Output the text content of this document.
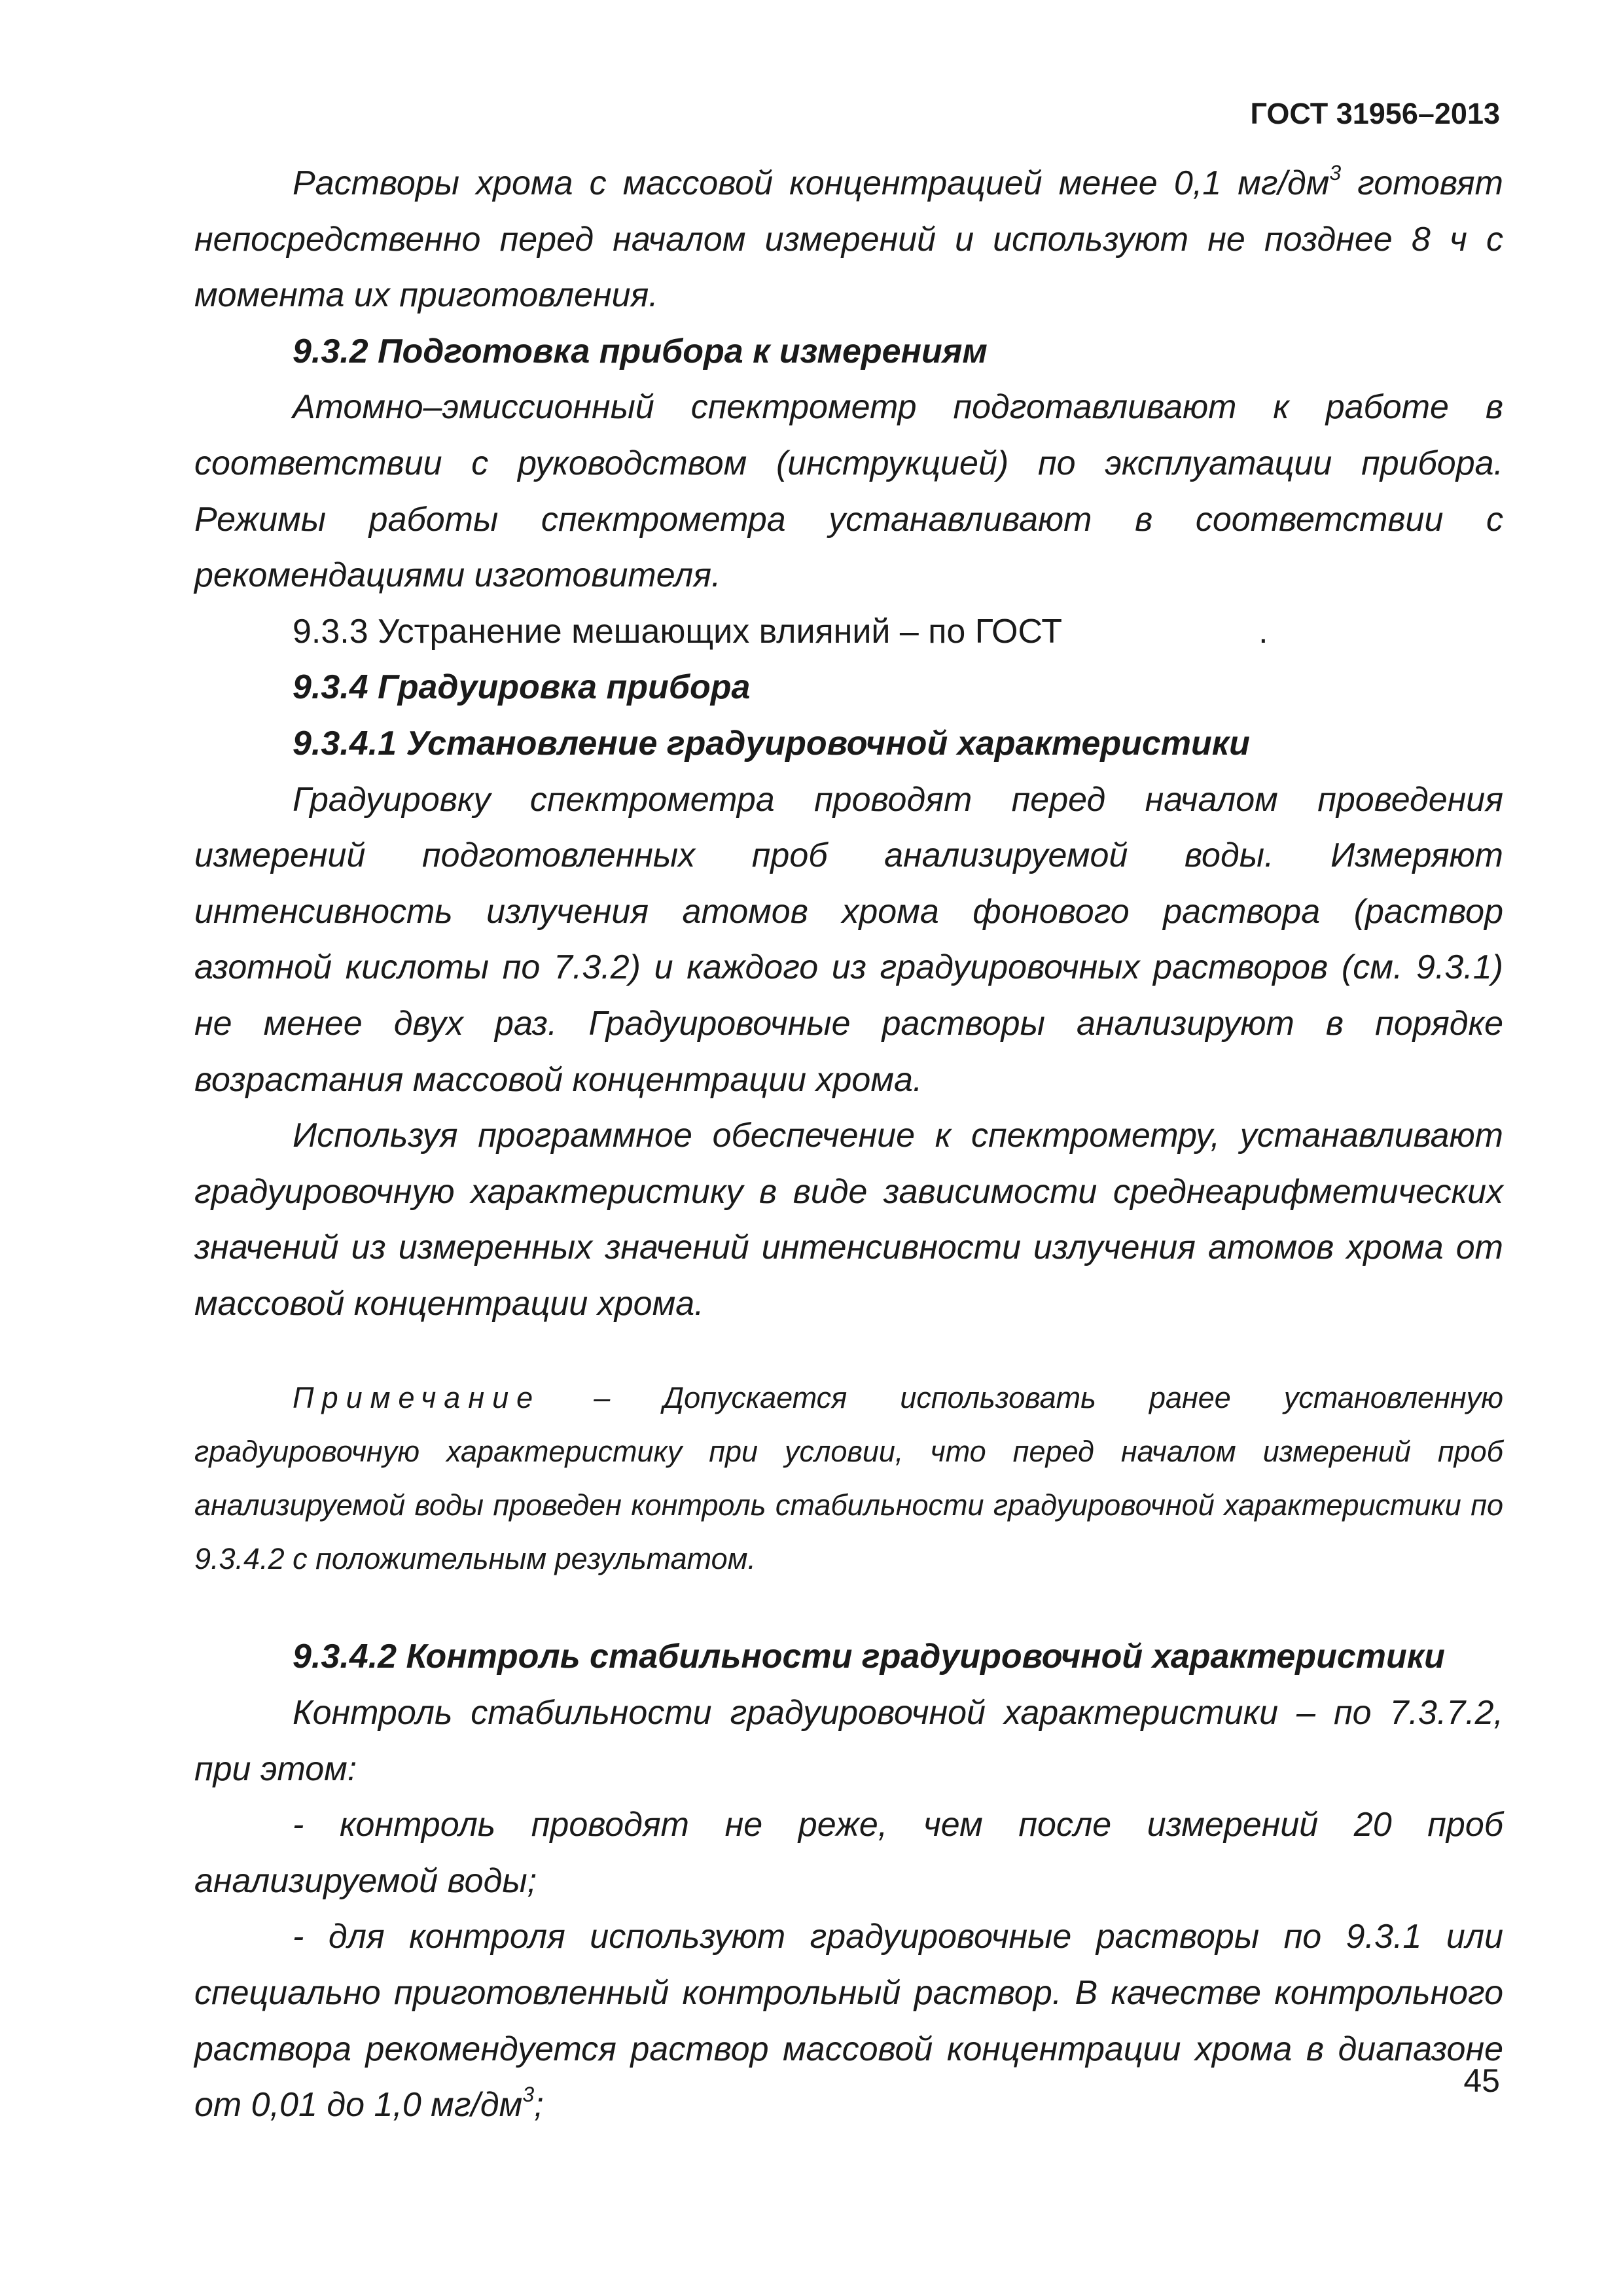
ГОСТ 31956–2013

Растворы хрома с массовой концентрацией менее 0,1 $мг/дм^3$ готовят непосредственно перед началом измерений и используют не позднее 8 ч с момента их приготовления.

9.3.2 Подготовка прибора к измерениям

Атомно–эмиссионный спектрометр подготавливают к работе в соответствии с руководством (инструкцией) по эксплуатации прибора. Режимы работы спектрометра устанавливают в соответствии с рекомендациями изготовителя.

9.3.3 Устранение мешающих влияний – по ГОСТ	.

9.3.4 Градуировка прибора

9.3.4.1 Установление градуировочной характеристики

Градуировку спектрометра проводят перед началом проведения измерений подготовленных проб анализируемой воды. Измеряют интенсивность излучения атомов хрома фонового раствора (раствор азотной кислоты по 7.3.2) и каждого из градуировочных растворов (см. 9.3.1) не менее двух раз. Градуировочные растворы анализируют в порядке возрастания массовой концентрации хрома.

Используя программное обеспечение к спектрометру, устанавливают градуировочную характеристику в виде зависимости среднеарифметических значений из измеренных значений интенсивности излучения атомов хрома от массовой концентрации хрома.

Примечание – Допускается использовать ранее установленную градуировочную характеристику при условии, что перед началом измерений проб анализируемой воды проведен контроль стабильности градуировочной характеристики по 9.3.4.2 с положительным результатом.

9.3.4.2 Контроль стабильности градуировочной характеристики

Контроль стабильности градуировочной характеристики – по 7.3.7.2, при этом:

- контроль проводят не реже, чем после измерений 20 проб анализируемой воды;

- для контроля используют градуировочные растворы по 9.3.1 или специально приготовленный контрольный раствор. В качестве контрольного раствора рекомендуется раствор массовой концентрации хрома в диапазоне от 0,01 до 1,0 $мг/дм^3$;

45
